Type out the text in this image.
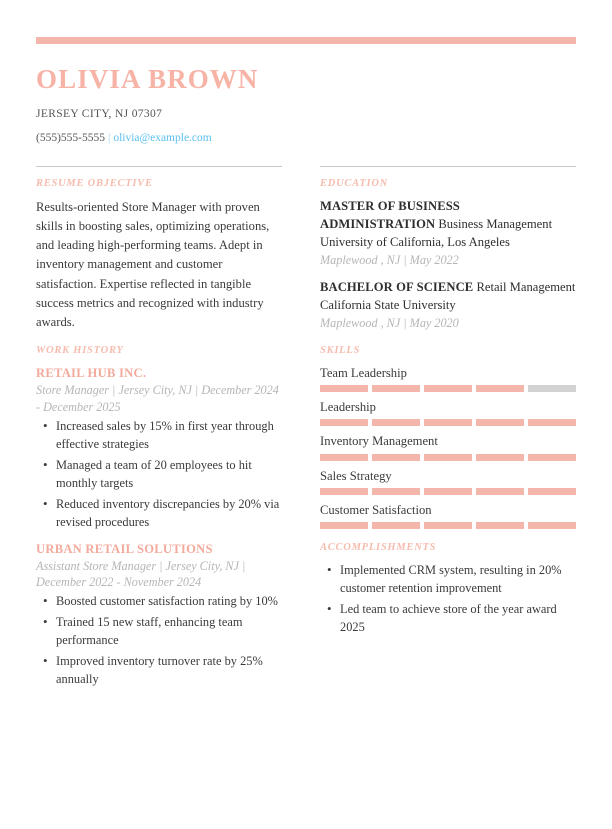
OLIVIA BROWN
JERSEY CITY, NJ 07307
(555)555-5555 | olivia@example.com
RESUME OBJECTIVE
Results-oriented Store Manager with proven skills in boosting sales, optimizing operations, and leading high-performing teams. Adept in inventory management and customer satisfaction. Expertise reflected in tangible success metrics and recognized with industry awards.
WORK HISTORY
RETAIL HUB INC.
Store Manager | Jersey City, NJ | December 2024 - December 2025
• Increased sales by 15% in first year through effective strategies
• Managed a team of 20 employees to hit monthly targets
• Reduced inventory discrepancies by 20% via revised procedures
URBAN RETAIL SOLUTIONS
Assistant Store Manager | Jersey City, NJ | December 2022 - November 2024
• Boosted customer satisfaction rating by 10%
• Trained 15 new staff, enhancing team performance
• Improved inventory turnover rate by 25% annually
EDUCATION
MASTER OF BUSINESS ADMINISTRATION Business Management
University of California, Los Angeles
Maplewood , NJ | May 2022
BACHELOR OF SCIENCE Retail Management
California State University
Maplewood , NJ | May 2020
SKILLS
Team Leadership
Leadership
Inventory Management
Sales Strategy
Customer Satisfaction
ACCOMPLISHMENTS
• Implemented CRM system, resulting in 20% customer retention improvement
• Led team to achieve store of the year award 2025
